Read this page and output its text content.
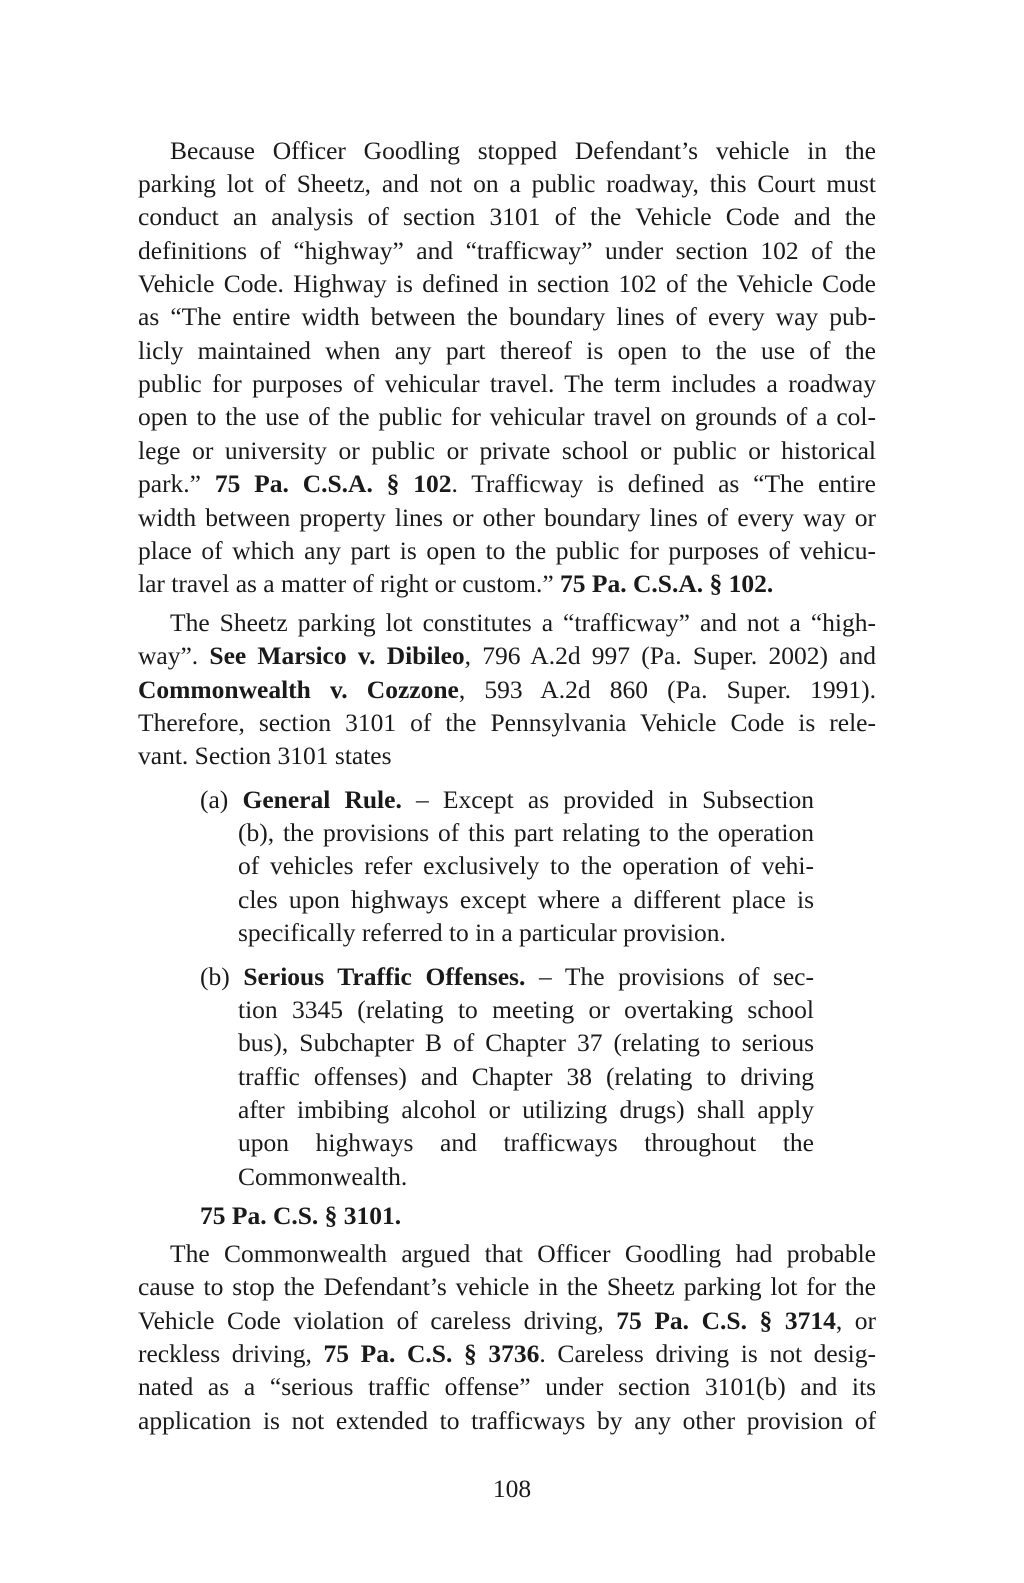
Because Officer Goodling stopped Defendant’s vehicle in the
parking lot of Sheetz, and not on a public roadway, this Court must
conduct an analysis of section 3101 of the Vehicle Code and the
definitions of “highway” and “trafficway” under section 102 of the
Vehicle Code. Highway is defined in section 102 of the Vehicle Code
as “The entire width between the boundary lines of every way pub-
licly maintained when any part thereof is open to the use of the
public for purposes of vehicular travel. The term includes a roadway
open to the use of the public for vehicular travel on grounds of a col-
lege or university or public or private school or public or historical
park.” 75 Pa. C.S.A. § 102. Trafficway is defined as “The entire
width between property lines or other boundary lines of every way or
place of which any part is open to the public for purposes of vehicu-
lar travel as a matter of right or custom.” 75 Pa. C.S.A. § 102.
The Sheetz parking lot constitutes a “trafficway” and not a “high-
way”. See Marsico v. Dibileo, 796 A.2d 997 (Pa. Super. 2002) and
Commonwealth v. Cozzone, 593 A.2d 860 (Pa. Super. 1991).
Therefore, section 3101 of the Pennsylvania Vehicle Code is rele-
vant. Section 3101 states
(a) General Rule. – Except as provided in Subsection
(b), the provisions of this part relating to the operation
of vehicles refer exclusively to the operation of vehi-
cles upon highways except where a different place is
specifically referred to in a particular provision.
(b) Serious Traffic Offenses. – The provisions of sec-
tion 3345 (relating to meeting or overtaking school
bus), Subchapter B of Chapter 37 (relating to serious
traffic offenses) and Chapter 38 (relating to driving
after imbibing alcohol or utilizing drugs) shall apply
upon highways and trafficways throughout the
Commonwealth.
75 Pa. C.S. § 3101.
The Commonwealth argued that Officer Goodling had probable
cause to stop the Defendant’s vehicle in the Sheetz parking lot for the
Vehicle Code violation of careless driving, 75 Pa. C.S. § 3714, or
reckless driving, 75 Pa. C.S. § 3736. Careless driving is not desig-
nated as a “serious traffic offense” under section 3101(b) and its
application is not extended to trafficways by any other provision of
108
